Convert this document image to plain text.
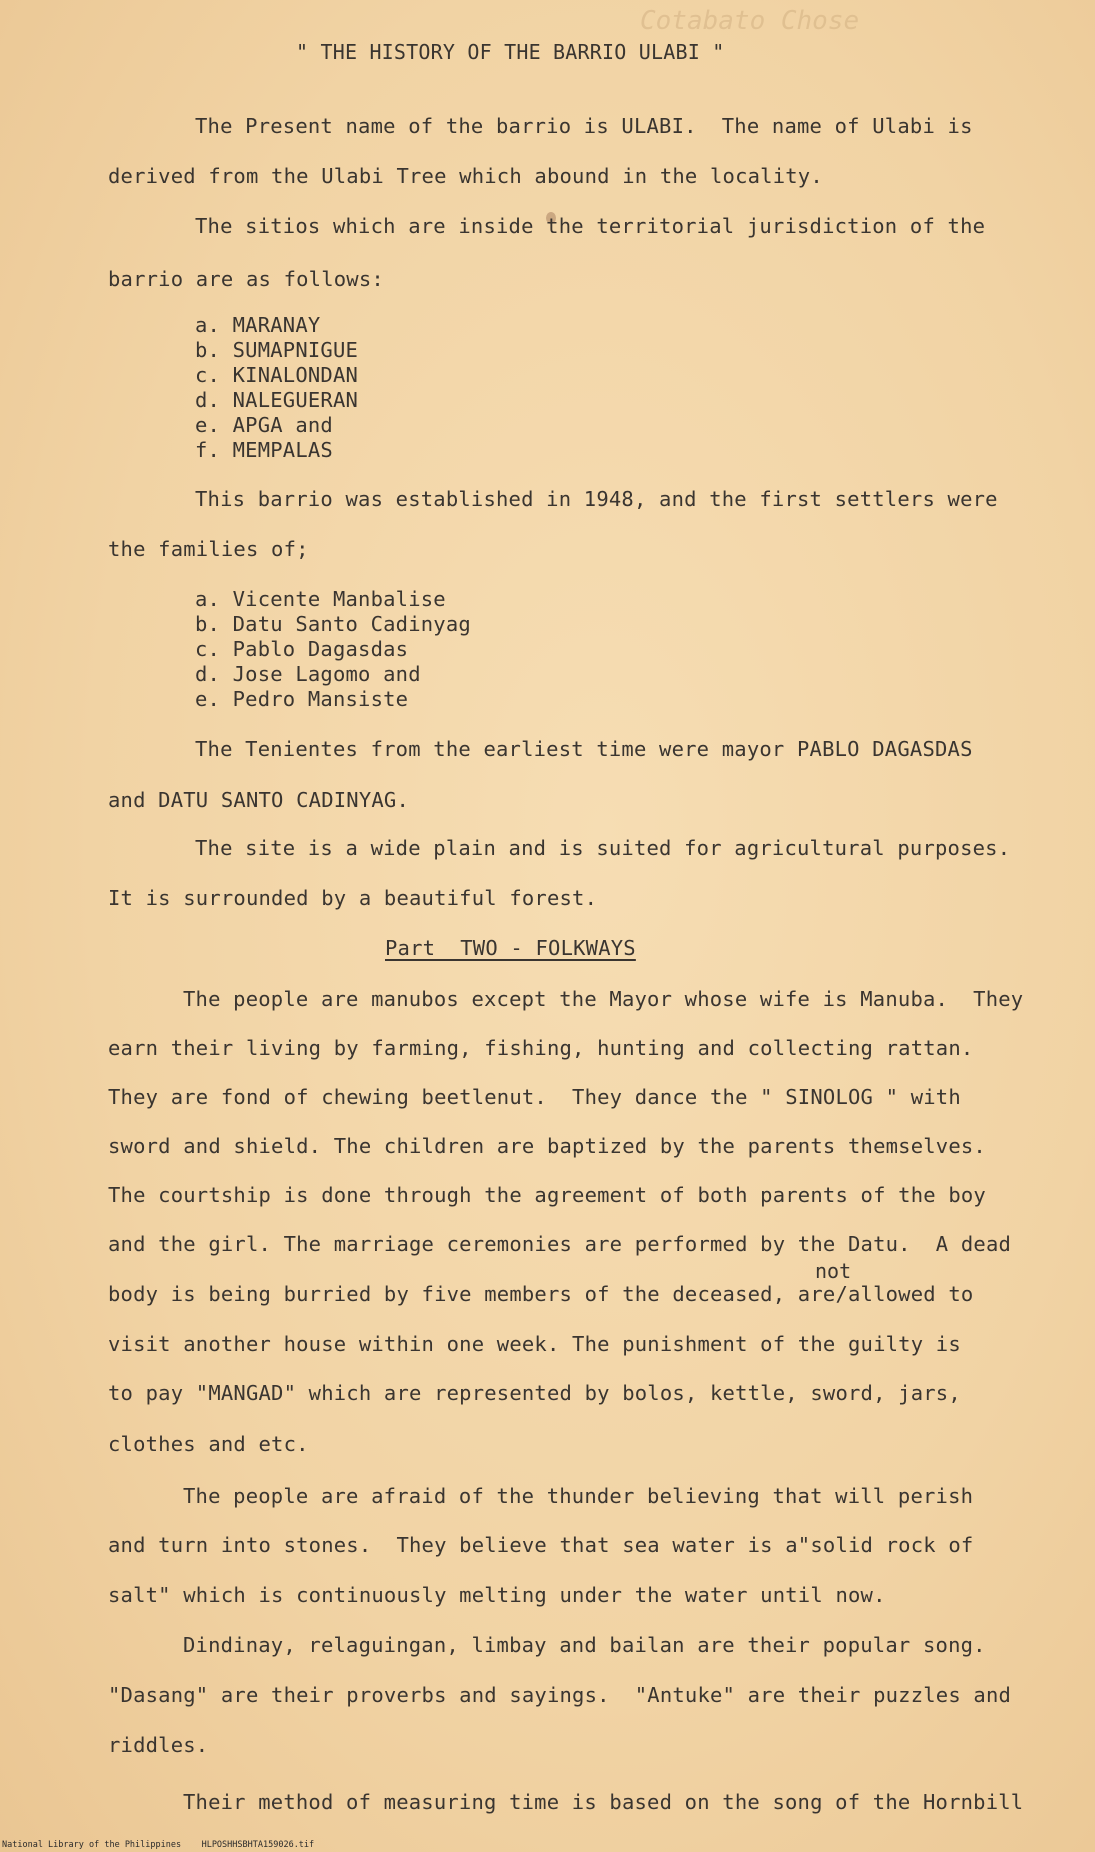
Cotabato Chose
" THE HISTORY OF THE BARRIO ULABI "
The Present name of the barrio is ULABI.  The name of Ulabi is
derived from the Ulabi Tree which abound in the locality.
The sitios which are inside the territorial jurisdiction of the
barrio are as follows:
a. MARANAY
b. SUMAPNIGUE
c. KINALONDAN
d. NALEGUERAN
e. APGA and
f. MEMPALAS
This barrio was established in 1948, and the first settlers were
the families of;
a. Vicente Manbalise
b. Datu Santo Cadinyag
c. Pablo Dagasdas
d. Jose Lagomo and
e. Pedro Mansiste
The Tenientes from the earliest time were mayor PABLO DAGASDAS
and DATU SANTO CADINYAG.
The site is a wide plain and is suited for agricultural purposes.
It is surrounded by a beautiful forest.
Part  TWO - FOLKWAYS
The people are manubos except the Mayor whose wife is Manuba.  They
earn their living by farming, fishing, hunting and collecting rattan.
They are fond of chewing beetlenut.  They dance the " SINOLOG " with
sword and shield. The children are baptized by the parents themselves.
The courtship is done through the agreement of both parents of the boy
and the girl. The marriage ceremonies are performed by the Datu.  A dead
not
body is being burried by five members of the deceased, are/allowed to
visit another house within one week. The punishment of the guilty is
to pay "MANGAD" which are represented by bolos, kettle, sword, jars,
clothes and etc.
The people are afraid of the thunder believing that will perish
and turn into stones.  They believe that sea water is a"solid rock of
salt" which is continuously melting under the water until now.
Dindinay, relaguingan, limbay and bailan are their popular song.
"Dasang" are their proverbs and sayings.  "Antuke" are their puzzles and
riddles.
Their method of measuring time is based on the song of the Hornbill
National Library of the Philippines    HLPOSHHSBHTA159026.tif
